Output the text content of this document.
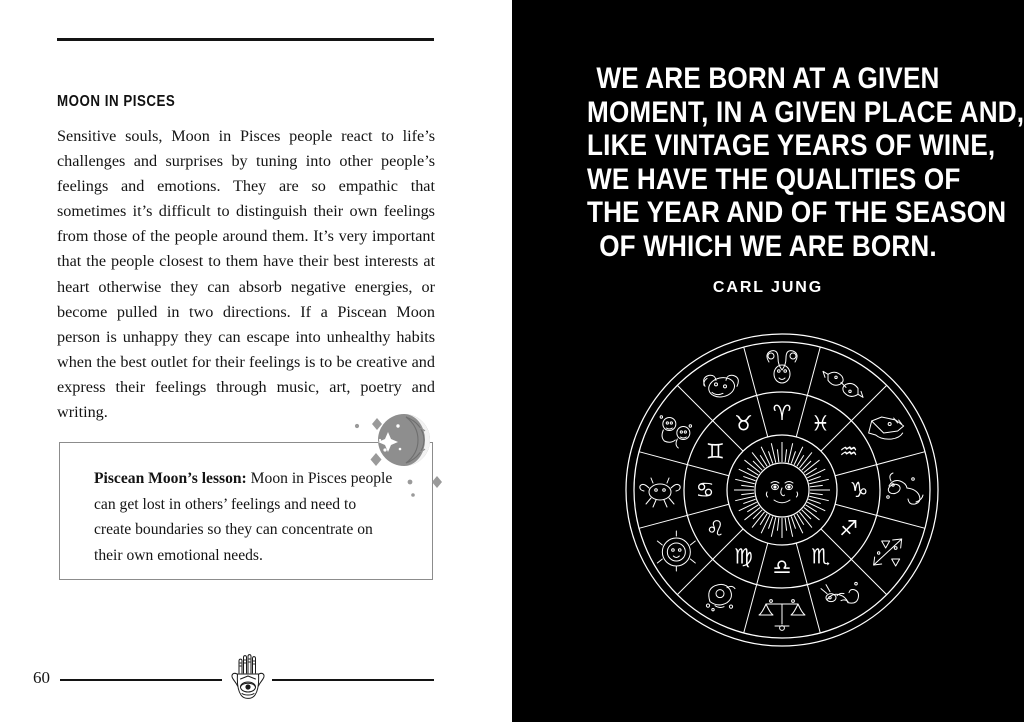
MOON IN PISCES

Sensitive souls, Moon in Pisces people react to life’s challenges and surprises by tuning into other people’s feelings and emotions. They are so empathic that sometimes it’s difficult to distinguish their own feelings from those of the people around them. It’s very important that the people closest to them have their best interests at heart otherwise they can absorb negative energies, or become pulled in two directions. If a Piscean Moon person is unhappy they can escape into unhealthy habits when the best outlet for their feelings is to be creative and express their feelings through music, art, poetry and writing.

Piscean Moon’s lesson: Moon in Pisces people can get lost in others’ feelings and need to create boundaries so they can concentrate on their own emotional needs.
60
WE ARE BORN AT A GIVEN
MOMENT, IN A GIVEN PLACE AND,
LIKE VINTAGE YEARS OF WINE,
WE HAVE THE QUALITIES OF
THE YEAR AND OF THE SEASON
OF WHICH WE ARE BORN.
CARL JUNG
♈ ♓
♒
♑
♐
♏
♎
♍
♌
♋
♊
♉
